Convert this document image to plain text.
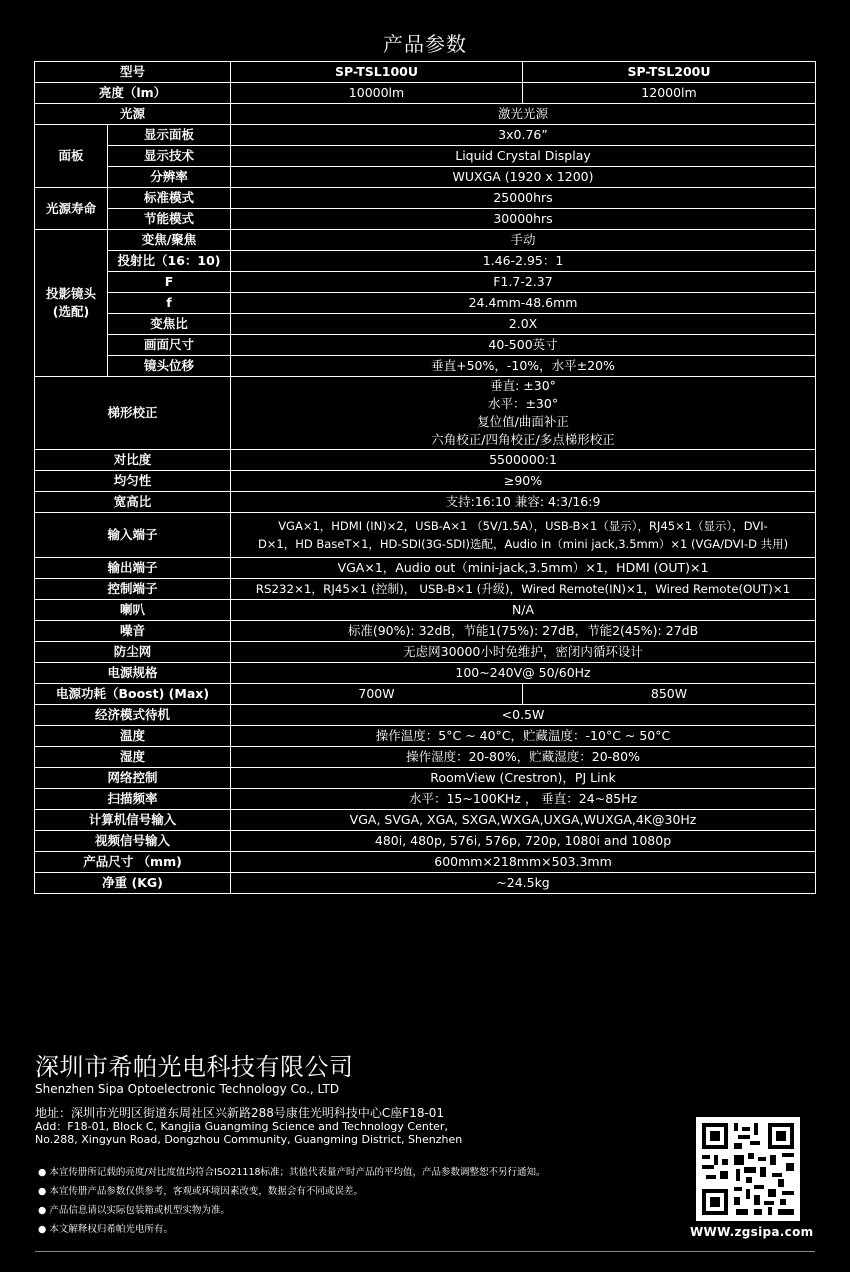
产品参数
型号		SP-TSL100U	SP-TSL200U
亮度（lm）		10000lm	12000lm
光源		激光光源	
面板	显示面板	3x0.76”	
	显示技术	Liquid Crystal Display	
	分辨率	WUXGA (1920 x 1200)	
光源寿命	标准模式	25000hrs	
	节能模式	30000hrs	
投影镜头
(选配)	变焦/聚焦	手动	
	投射比（16：10)	1.46-2.95：1	
	F	F1.7-2.37	
	f	24.4mm-48.6mm	
	变焦比	2.0X	
	画面尺寸	40-500英寸	
	镜头位移	垂直+50%，-10%，水平±20%	
梯形校正		垂直: ±30°
水平：±30°
复位值/曲面补正
六角校正/四角校正/多点梯形校正	
对比度		5500000:1	
均匀性		≥90%	
宽高比		支持:16:10 兼容: 4:3/16:9	
输入端子		VGA×1，HDMI (IN)×2，USB-A×1 （5V/1.5A），USB-B×1（显示），RJ45×1（显示），DVI-
D×1，HD BaseT×1，HD-SDI(3G-SDI)选配，Audio in（mini jack,3.5mm）×1 (VGA/DVI-D 共用)	
输出端子		VGA×1，Audio out（mini-jack,3.5mm）×1，HDMI (OUT)×1	
控制端子		RS232×1，RJ45×1 (控制)， USB-B×1 (升级)，Wired Remote(IN)×1，Wired Remote(OUT)×1	
喇叭		N/A	
噪音		标准(90%): 32dB，节能1(75%): 27dB，节能2(45%): 27dB	
防尘网		无虑网30000小时免维护，密闭内循环设计	
电源规格		100~240V@ 50/60Hz	
电源功耗（Boost) (Max)		700W	850W
经济模式待机		<0.5W	
温度		操作温度：5°C ~ 40°C，贮藏温度：-10°C ~ 50°C	
湿度		操作湿度：20-80%，贮藏湿度：20-80%	
网络控制		RoomView (Crestron)，PJ Link	
扫描频率		水平：15~100KHz ， 垂直：24~85Hz	
计算机信号输入		VGA, SVGA, XGA, SXGA,WXGA,UXGA,WUXGA,4K@30Hz	
视频信号输入		480i, 480p, 576i, 576p, 720p, 1080i and 1080p	
产品尺寸 （mm)		600mm×218mm×503.3mm	
净重 (KG)		~24.5kg	
深圳市希帕光电科技有限公司
Shenzhen Sipa Optoelectronic Technology Co., LTD
地址：深圳市光明区街道东周社区兴新路288号康佳光明科技中心C座F18-01
Add：F18-01, Block C, Kangjia Guangming Science and Technology Center,
No.288, Xingyun Road, Dongzhou Community, Guangming District, Shenzhen
● 本宣传册所记载的亮度/对比度值均符合ISO21118标准；其值代表量产时产品的平均值，产品参数调整恕不另行通知。
● 本宣传册产品参数仅供参考，客观或环境因素改变，数据会有不同或误差。
● 产品信息请以实际包装箱或机型实物为准。
● 本文解释权归希帕光电所有。	WWW.zgsipa.com
